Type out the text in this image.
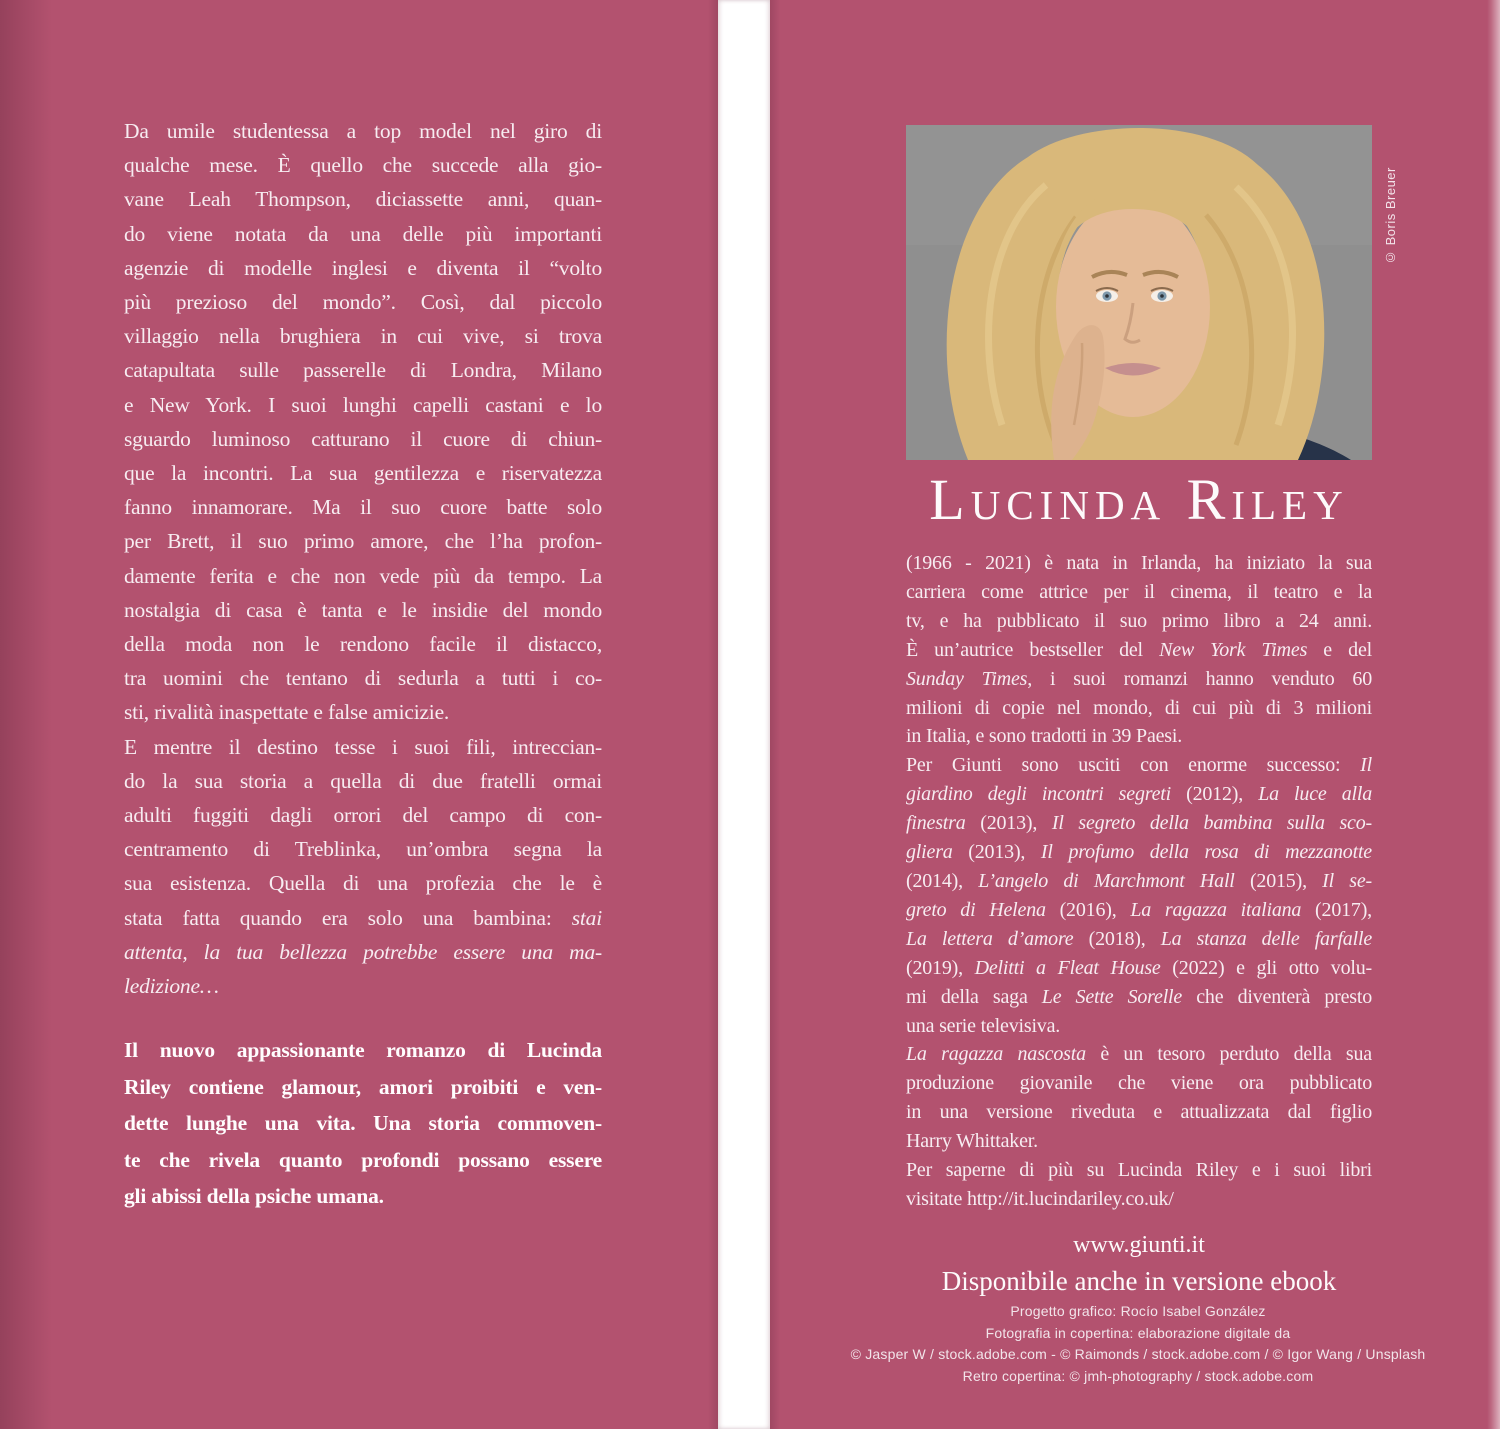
Da umile studentessa a top model nel giro di
qualche mese. È quello che succede alla gio-
vane Leah Thompson, diciassette anni, quan-
do viene notata da una delle più importanti
agenzie di modelle inglesi e diventa il “volto
più prezioso del mondo”. Così, dal piccolo
villaggio nella brughiera in cui vive, si trova
catapultata sulle passerelle di Londra, Milano
e New York. I suoi lunghi capelli castani e lo
sguardo luminoso catturano il cuore di chiun-
que la incontri. La sua gentilezza e riservatezza
fanno innamorare. Ma il suo cuore batte solo
per Brett, il suo primo amore, che l’ha profon-
damente ferita e che non vede più da tempo. La
nostalgia di casa è tanta e le insidie del mondo
della moda non le rendono facile il distacco,
tra uomini che tentano di sedurla a tutti i co-
sti, rivalità inaspettate e false amicizie.
E mentre il destino tesse i suoi fili, intreccian-
do la sua storia a quella di due fratelli ormai
adulti fuggiti dagli orrori del campo di con-
centramento di Treblinka, un’ombra segna la
sua esistenza. Quella di una profezia che le è
stata fatta quando era solo una bambina: stai
attenta, la tua bellezza potrebbe essere una ma-
ledizione…
Il nuovo appassionante romanzo di Lucinda
Riley contiene glamour, amori proibiti e ven-
dette lunghe una vita. Una storia commoven-
te che rivela quanto profondi possano essere
gli abissi della psiche umana.
© Boris Breuer
Lucinda Riley
(1966 - 2021) è nata in Irlanda, ha iniziato la sua
carriera come attrice per il cinema, il teatro e la
tv, e ha pubblicato il suo primo libro a 24 anni.
È un’autrice bestseller del New York Times e del
Sunday Times, i suoi romanzi hanno venduto 60
milioni di copie nel mondo, di cui più di 3 milioni
in Italia, e sono tradotti in 39 Paesi.
Per Giunti sono usciti con enorme successo: Il
giardino degli incontri segreti (2012), La luce alla
finestra (2013), Il segreto della bambina sulla sco-
gliera (2013), Il profumo della rosa di mezzanotte
(2014), L’angelo di Marchmont Hall (2015), Il se-
greto di Helena (2016), La ragazza italiana (2017),
La lettera d’amore (2018), La stanza delle farfalle
(2019), Delitti a Fleat House (2022) e gli otto volu-
mi della saga Le Sette Sorelle che diventerà presto
una serie televisiva.
La ragazza nascosta è un tesoro perduto della sua
produzione giovanile che viene ora pubblicato
in una versione riveduta e attualizzata dal figlio
Harry Whittaker.
Per saperne di più su Lucinda Riley e i suoi libri
visitate http://it.lucindariley.co.uk/
www.giunti.it
Disponibile anche in versione ebook
Progetto grafico: Rocío Isabel González
Fotografia in copertina: elaborazione digitale da
© Jasper W / stock.adobe.com - © Raimonds / stock.adobe.com / © Igor Wang / Unsplash
Retro copertina: © jmh-photography / stock.adobe.com
